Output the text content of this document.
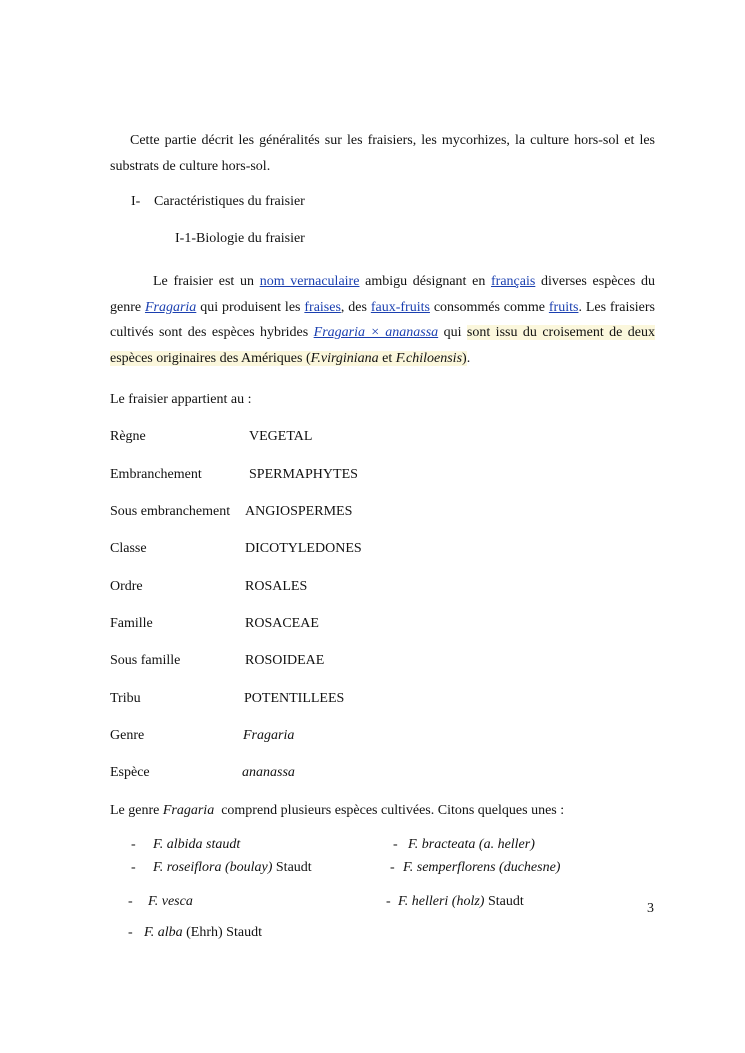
Cette partie décrit les généralités sur les fraisiers, les mycorhizes, la culture hors-sol et les substrats de culture hors-sol.

I- Caractéristiques du fraisier
I-1-Biologie du fraisier

Le fraisier est un nom vernaculaire ambigu désignant en français diverses espèces du genre Fragaria qui produisent les fraises, des faux-fruits consommés comme fruits. Les fraisiers cultivés sont des espèces hybrides Fragaria × ananassa qui sont issu du croisement de deux espèces originaires des Amériques (F.virginiana et F.chiloensis).

Le fraisier appartient au :
Règne	VEGETAL
Embranchement	SPERMAPHYTES
Sous embranchement ANGIOSPERMES
Classe	DICOTYLEDONES
Ordre	ROSALES
Famille	ROSACEAE
Sous famille	ROSOIDEAE
Tribu	POTENTILLEES
Genre	Fragaria
Espèce	ananassa
Le genre Fragaria  comprend plusieurs espèces cultivées. Citons quelques unes :
- F. albida staudt	- F. bracteata (a. heller)
- F. roseiflora (boulay) Staudt	- F. semperflorens (duchesne)
- F. vesca	- F. helleri (holz) Staudt
- F. alba (Ehrh) Staudt
3
